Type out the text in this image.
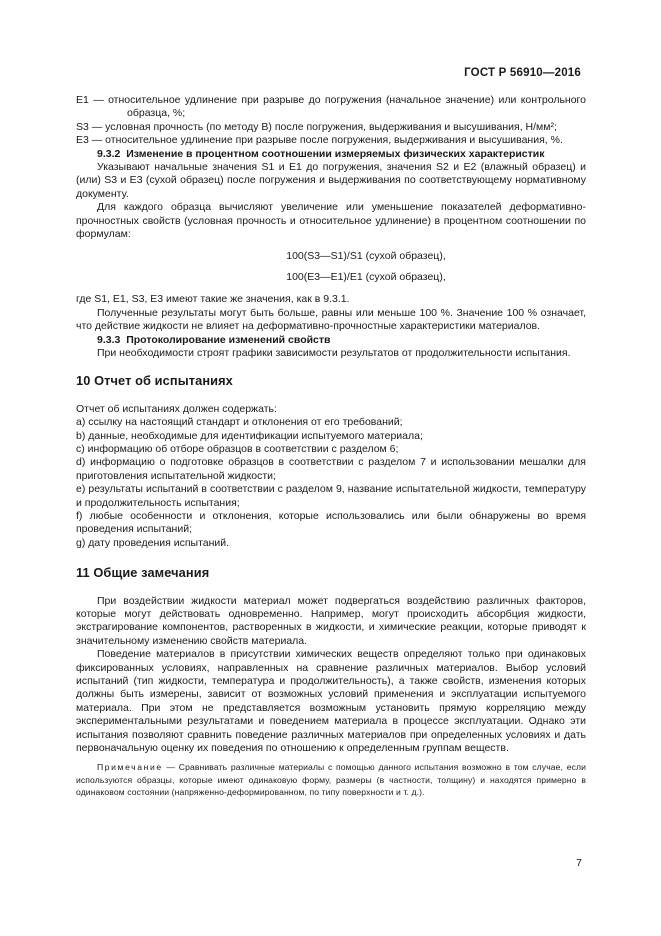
ГОСТ Р 56910—2016

E1 — относительное удлинение при разрыве до погружения (начальное значение) или контрольного образца, %;

S3 — условная прочность (по методу В) после погружения, выдерживания и высушивания, Н/мм²;

E3 — относительное удлинение при разрыве после погружения, выдерживания и высушивания, %.

9.3.2 Изменение в процентном соотношении измеряемых физических характеристик

Указывают начальные значения S1 и E1 до погружения, значения S2 и E2 (влажный образец) и (или) S3 и E3 (сухой образец) после погружения и выдерживания по соответствующему нормативному документу.

Для каждого образца вычисляют увеличение или уменьшение показателей деформативно-прочностных свойств (условная прочность и относительное удлинение) в процентном соотношении по формулам:

100(S3—S1)/S1 (сухой образец),

100(E3—E1)/E1 (сухой образец),

где S1, E1, S3, E3 имеют такие же значения, как в 9.3.1.

Полученные результаты могут быть больше, равны или меньше 100 %. Значение 100 % означает, что действие жидкости не влияет на деформативно-прочностные характеристики материалов.

9.3.3 Протоколирование изменений свойств

При необходимости строят графики зависимости результатов от продолжительности испытания.

10 Отчет об испытаниях

Отчет об испытаниях должен содержать:

а) ссылку на настоящий стандарт и отклонения от его требований;

b) данные, необходимые для идентификации испытуемого материала;

c) информацию об отборе образцов в соответствии с разделом 6;

d) информацию о подготовке образцов в соответствии с разделом 7 и использовании мешалки для приготовления испытательной жидкости;

e) результаты испытаний в соответствии с разделом 9, название испытательной жидкости, температуру и продолжительность испытания;

f) любые особенности и отклонения, которые использовались или были обнаружены во время проведения испытаний;

g) дату проведения испытаний.

11 Общие замечания

При воздействии жидкости материал может подвергаться воздействию различных факторов, которые могут действовать одновременно. Например, могут происходить абсорбция жидкости, экстрагирование компонентов, растворенных в жидкости, и химические реакции, которые приводят к значительному изменению свойств материала.

Поведение материалов в присутствии химических веществ определяют только при одинаковых фиксированных условиях, направленных на сравнение различных материалов. Выбор условий испытаний (тип жидкости, температура и продолжительность), а также свойств, изменения которых должны быть измерены, зависит от возможных условий применения и эксплуатации испытуемого материала. При этом не представляется возможным установить прямую корреляцию между экспериментальными результатами и поведением материала в процессе эксплуатации. Однако эти испытания позволяют сравнить поведение различных материалов при определенных условиях и дать первоначальную оценку их поведения по отношению к определенным группам веществ.

Примечание — Сравнивать различные материалы с помощью данного испытания возможно в том случае, если используются образцы, которые имеют одинаковую форму, размеры (в частности, толщину) и находятся примерно в одинаковом состоянии (напряженно-деформированном, по типу поверхности и т. д.).

7
